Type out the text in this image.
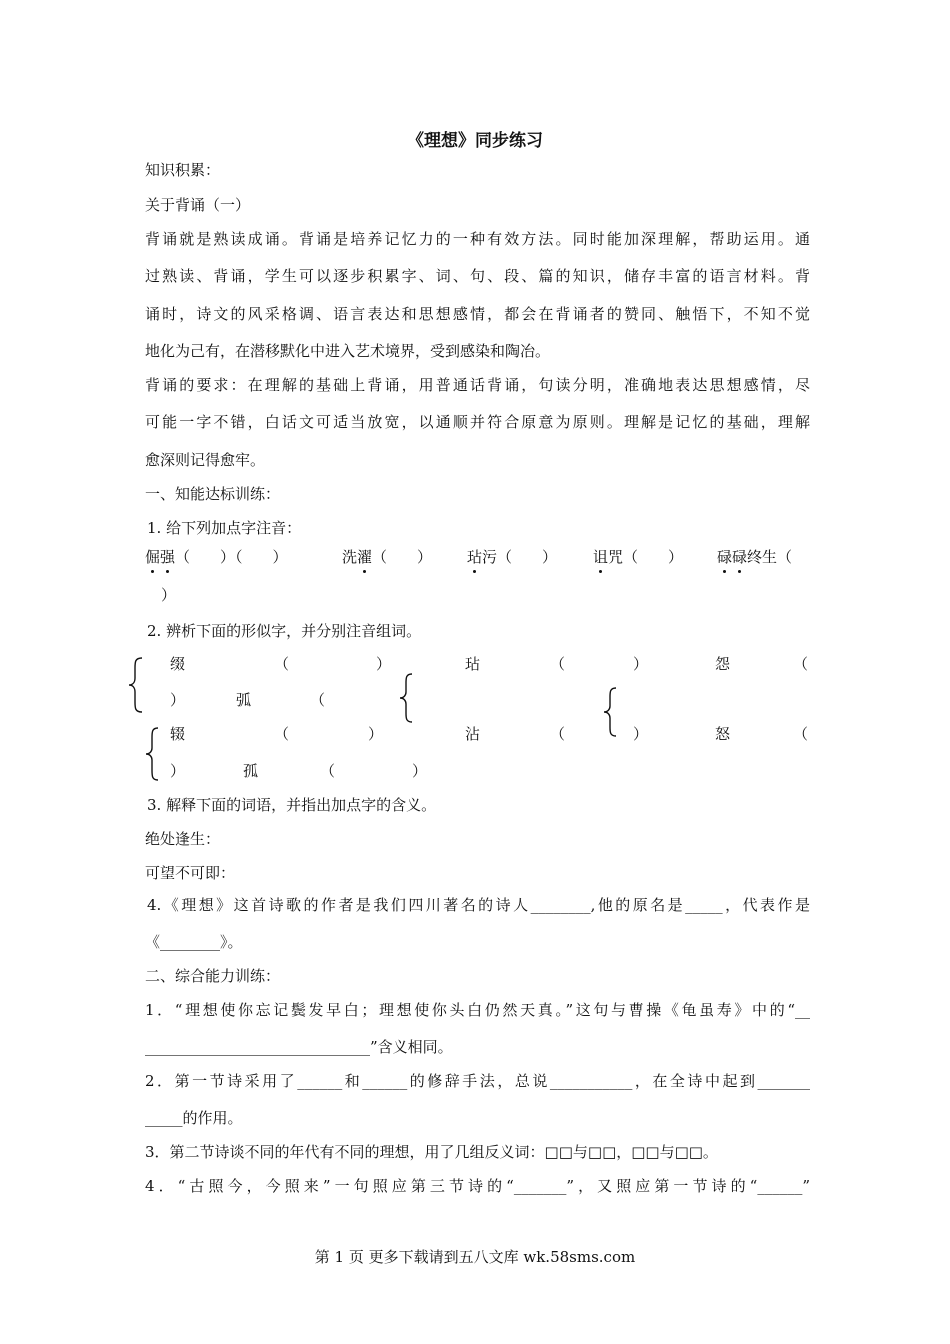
《理想》同步练习
知识积累：
关于背诵（一）
背诵就是熟读成诵。背诵是培养记忆力的一种有效方法。同时能加深理解，帮助运用。通
过熟读、背诵，学生可以逐步积累字、词、句、段、篇的知识，储存丰富的语言材料。背
诵时，诗文的风采格调、语言表达和思想感情，都会在背诵者的赞同、触悟下，不知不觉
地化为己有，在潜移默化中进入艺术境界，受到感染和陶冶。
背诵的要求：在理解的基础上背诵，用普通话背诵，句读分明，准确地表达思想感情，尽
可能一字不错，白话文可适当放宽，以通顺并符合原意为原则。理解是记忆的基础，理解
愈深则记得愈牢。
一、知能达标训练：
1. 给下列加点字注音：
倔强（　　）（　　）	洗濯（　　） 玷污（　　） 诅咒（　　） 碌碌终生（
）
2. 辨析下面的形似字，并分别注音组词。
缀	（	）	玷	（	）	怨	（
）	弧	（
辍	（	）	沾	（	）	怒	（
）	孤	（	）
3. 解释下面的词语，并指出加点字的含义。
绝处逢生：
可望不可即：
4.《理想》这首诗歌的作者是我们四川著名的诗人________,他的原名是_____，代表作是
《________》。
二、综合能力训练：
1．“理想使你忘记鬓发早白；理想使你头白仍然天真。”这句与曹操《龟虽寿》中的“__
______________________________”含义相同。
2．第一节诗采用了______和______的修辞手法，总说___________，在全诗中起到_______
_____的作用。
3．第二节诗谈不同的年代有不同的理想，用了几组反义词：□□与□□，□□与□□。
4．“古照今，今照来”一句照应第三节诗的“_______”，又照应第一节诗的“______”
第 1 页 更多下载请到五八文库 wk.58sms.com
